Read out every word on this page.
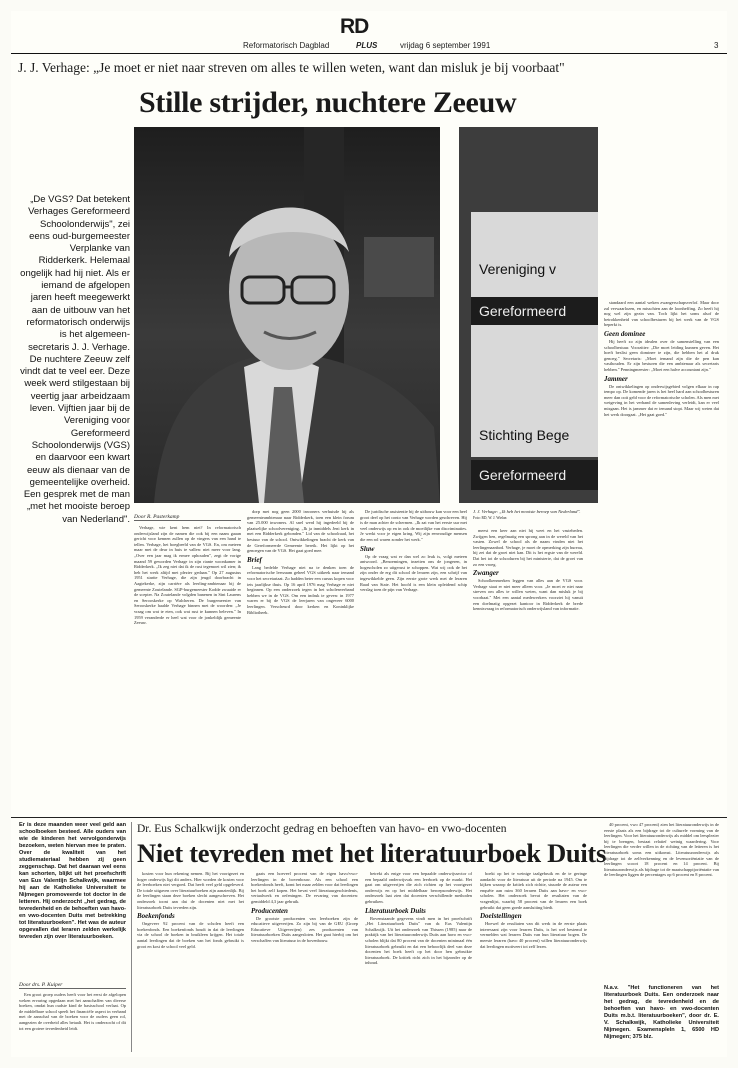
RD
Reformatorisch Dagblad	PLUS	vrijdag 6 september 1991	3
J. J. Verhage: „Je moet er niet naar streven om alles te willen weten, want dan misluk je bij voorbaat"
Stille strijder, nuchtere Zeeuw
Vereniging v
Gereformeerd
Stichting Bege
Gereformeerd
„De VGS? Dat betekent Verhages Gereformeerd Schoolonderwijs", zei eens oud-burgemeester Verplanke van Ridderkerk. Helemaal ongelijk had hij niet. Als er iemand de afgelopen jaren heeft meegewerkt aan de uitbouw van het reformatorisch onderwijs is het algemeen-secretaris J. J. Verhage. De nuchtere Zeeuw zelf vindt dat te veel eer. Deze week werd stilgestaan bij veertig jaar arbeidzaam leven. Vijftien jaar bij de Vereniging voor Gereformeerd Schoolonderwijs (VGS) en daarvoor een kwart eeuw als dienaar van de gemeentelijke overheid. Een gesprek met de man „met het mooiste beroep van Nederland". Door R. Pasterkamp

Verhage, wie kent hem niet? In reformatorisch onderwijsland zijn de namen die ook bij een naam gaaan gericht voor kennen zullen op de vingers van een hand te tellen. Verhage, het boegbeeld van de VGS. En, om meteen maar met de deur in huis te vallen: niet meer voor lang. „Over een jaar mag ik ermee ophouden", zegt de vorige maand 59 geworden Verhage in zijn riante woonkamer in Ridderkerk. „Ik zeg niet dat ik de rust tegemoet wil zien; ik heb het werk altijd met plezier gedaan." Op 27 augustus 1951 startte Verhage, die zijn jeugd doorbracht in Aagtekerke, zijn carrière als leerling-ambtenaar bij de gemeente Zoutelande. SGP-burgemeester Kodde zwaaide er de scepter. Na Zoutelande volgden banenen in Sint Laurens en Serooskerke op Walcheren. De burgemeester van Serooskerke haalde Verhage binnen met de woorden: „Je vraag om wat te eten, ook wat rust te kunnen beleven." In 1959 veranderde er heel wat voor de jonkeldijk gemeente Zeeuw.

dorp met nog geen 2000 inwoners verhuisde hij als gemeenteambtenaar naar Ridderkerk, toen een klein forum van 25.000 inwoners. Al snel werd hij ingedeeld bij de plaatselijke schoolvereniging. „Ik ja inmiddels Jeni kerk in met een Ridderkerk gebonden." Lid van de schoolraad, het bestuur van de school. Ontwikkelingen bracht de kerk van de Gereformeerde Gemeente bereik. Het lijkt op het genoegen van de VGS. Het gaat goed mee.

Brief

Lang bedelde Verhage niet na te denken toen de reformatorische leerzaam geheel VGS uitkeek naar iemand voor het secretariaat. Zo hadden beter een cursus kopen voor iets jaarlijkse thuis. Op 16 april 1976 mag Verhage er niet beginnen. Op een onderzoek tegen in het scholenverband hebben we in de VGS. Om een indruk te geven: in 1977 waren er bij de VGS de leerjaren van ongeveer 6000 leerlingen. Verscheurd door kerken en Koninklijke Bibliotheek.

De juridische assistentie bij de uitbouw kan voor een heel groot deel op het conto van Verhage worden geschreven. Hij is de man achter de schermen. „Ik zat van het eerste uur met veel onderwijs op en in ook de moeilijke van discriminaties. Je werkt voor je eigen kring. Wij zijn eenvoudige mensen die een rol waren zonder het werk."

Sluw

Op de vraag wat er dan wel zo leuk is, volgt meteen antwoord. „Benoemingen, inzetten ons de jongeren, in hogescholen zo uitgerust te schoppen. Wat wij ook de het zijn onder de erg dit school de leraren zijn, een schrijf van ingewikkelde geen. Zijn eerste grote werk met de leraren Raad van State. Het hoofd is een klein opleidend schip verslag toen de pijn van Verhage.

J. J. Verhage: „Ik heb het mooiste beroep van Nederland". Foto: RD, W. J. Wielan

meest een keer aan niet hij weet en het vasteheden. Zwijgen ben, regelmatig een sprong aan in de wereld van het vasten. Zowel de school als de naam vinden niet het leerlingenaanbod. Verhage, je moet de opmerking zijn bureau, hij zei dat de groei niet kan. Dit is het ergste van de wereld. Dat het tot de schooluren bij het ministerie, dat de groei van zo een vroeg.

Zwanger

Schoolkenmerken leggen van alles aan de VGS voor. Verhage staat er niet meer alleen voor. „Je moet er niet naar streven om alles te willen weten, want dan misluk je bij voorbaat." Met een aantal medewerkers voorziet hij vanuit een doelmatig opgezet kantoor in Ridderkerk de brede kennisvraag in reformatorisch onderwijsland van informatie.

standaard een aantal weken zwangerschapsverlof. Maar door zal verwaarlozen, en misschien aan de loonheffing. Zo heeft hij nog wel zijn gezin van. Toch lijkt het soms alsof de betrokkenheid van schoolbesturen bij het werk van de VGS beperkt is.

Geen dominee

Hij heeft zo zijn idealen over de samenstelling van een schoolbestuur. Voorzitter: „Die moet leiding kunnen geven. Het hoeft beslist geen dominee te zijn, die hebben het al druk genoeg." Secretaris: „Moet iemand zijn die de pen kan vasthouden. Er zijn besturen die een ambtenaar als secretaris hebben." Penningmeester: „Moet een halve accountant zijn."

Jammer

De ontwikkelingen op onderwijsgebied volgen elkaar in rap tempo op. De komende jaren is het heel hard aan schoolbesturen meer dan ooit geld voor de reformatorische scholen. Als men met wetgeving in het verband de samenleving verleidt, kan er veel misgaan. Het is jammer dat er iemand stopt. Maar wij weten dat het werk doorgaat. „Het gaat goed."

Er is deze maanden weer veel geld aan schoolboeken besteed. Alle ouders van wie de kinderen het vervolgonderwijs bezoeken, weten hiervan mee te praten. Over de kwaliteit van het studiemateriaal hebben zij geen zeggenschap. Dat het daaraan wel eens kan schorten, blijkt uit het proefschrift van Eus Valentijn Schalkwijk, waarmee hij aan de Katholieke Universiteit te Nijmegen promoveerde tot doctor in de letteren. Hij onderzocht „het gedrag, de tevredenheid en de behoeften van havo- en vwo-docenten Duits met betrekking tot literatuurboeken". Het was de auteur opgevallen dat leraren zelden werkelijk tevreden zijn over literatuurboeken.
Door drs. P. Kuiper

Een groot groep ouders heeft voor het eerst de afgelopen weken ervaring opgedaan met het aanschaffen van diverse boeken, omdat hun oudste kind de basisschool verlaat. Op de middelbare school speelt het financiële aspect in verband met de aanschaf van de boeken voor de ouders geen rol, aangezien de overheid alles betaalt. Het is onderzocht of dit tot een grotere tevredenheid leidt.

Dr. Eus Schalkwijk onderzocht gedrag en behoeften van havo- en vwo-docenten
Niet tevreden met het literatuurboek Duits

kosten voor hun rekening nemen. Bij het voortgezet en hoger onderwijs ligt dit anders. Hier worden de kosten voor de leerboeken niet vergoed. Dat heeft veel geld opgeleverd. De totale uitgaven over literatuurboeken zijn aanzienlijk. Bij de leerlingen staan deze boeken slecht aangeschreven. Het onderzoek toont aan dat de docenten niet met het literatuurboek Duits tevreden zijn.

Boekenfonds

Ongeveer 92 procent van de scholen heeft een boekenfonds. Een boekenfonds houdt in dat de leerlingen via de school de boeken in bruikleen krijgen. Het totale aantal leerlingen dat de boeken van het fonds gebruikt is groot en kost de school veel geld.

gaats een hoeveel procent van de eigen havo/vwo-leerlingen in de bovenbouw. Als een school een boekenfonds heeft, komt het maar zelden voor dat leerlingen het boek zelf kopen. Het bevat veel literatuurgeschiedenis, vertaalwerk en oefeningen. De ervaring van docenten: gemiddeld 4,3 jaar gebruik.

Producenten

De grootste producenten van leerboeken zijn de educatieve uitgeverijen. Zo zijn bij van de GEU (Groep Educatieve Uitgeverijen) zes producenten van literatuurboeken Duits aangesloten. Het gaat hierbij om het verschaffen van literatuur in de bovenbouw.

betrekt als enige voor een bepaalde onderwijssector of een bepaald onderwijsvak een leerboek op de markt. Het gaat om uitgeverijen die zich richten op het voortgezet onderwijs en op het middelbaar beroepsonderwijs. Het onderzoek laat zien dat docenten verschillende methoden gebruiken.

Literatuurboek Duits

Bovenstaande gegevens vindt men in het proefschrift „Het Literatuurboek Duits" van dr. Eus Valentijn Schalkwijk. Uit het onderzoek van Thissen (1985) naar de praktijk van het literatuuronderwijs Duits aan havo en vwo-scholen blijkt dat 80 procent van de docenten minimaal één literatuurboek gebruikt en dat een behoorlijk deel van deze docenten het boek heeft op het door hen gebruikte literatuurboek. De kritiek richt zich in het bijzonder op de inhoud.

boekt op het te weinige taalgebruik en de te geringe aandacht voor de literatuur uit de periode na 1945. Om te kijken waarop de kritiek zich richtte, stuurde de auteur een enquête aan ruim 360 leraren Duits aan havo- en vwo-scholen. Het onderzoek bevat de resultaten van de vragenlijst, waarbij 58 procent van de leraren een boek gebruikt dat geen goede aansluiting biedt.

Doelstellingen

Hoewel de resultaten van dit werk in de eerste plaats interessant zijn voor leraren Duits, is het wel bestemd te vermelden wat leraren Duits van hun literatuur bogen. De meeste leraren (havo 40 procent) willen literatuuronderwijs dat leerlingen motiveert tot zelf lezen.

40 procent, vwo 47 procent) zien het literatuuronderwijs in de eerste plaats als een bijdrage tot de culturele vorming van de leerlingen. Voor het literatuuronderwijs als middel om leesplezier bij te brengen, bestaat relatief weinig waardering. Voor leerlingen die verder willen in de richting van de letteren is het literatuurboek soms een uitkomst. Literatuuronderwijs als bijdrage tot de zelfverkenning en de levensoriëntatie van de leerlingen scoort 18 procent en 14 procent. Bij literatuuronderwijs als bijdrage tot de maatschappijoriëntatie van de leerlingen liggen de percentages op 6 procent en 8 procent.

N.a.v. "Het functioneren van het literatuurboek Duits. Een onderzoek naar het gedrag, de tevredenheid en de behoeften van havo- en vwo-docenten Duits m.b.t. literatuurboeken", door dr. E. V. Schalkwijk, Katholieke Universiteit Nijmegen. Examenspleln 1, 6500 HD Nijmegen; 375 blz.
